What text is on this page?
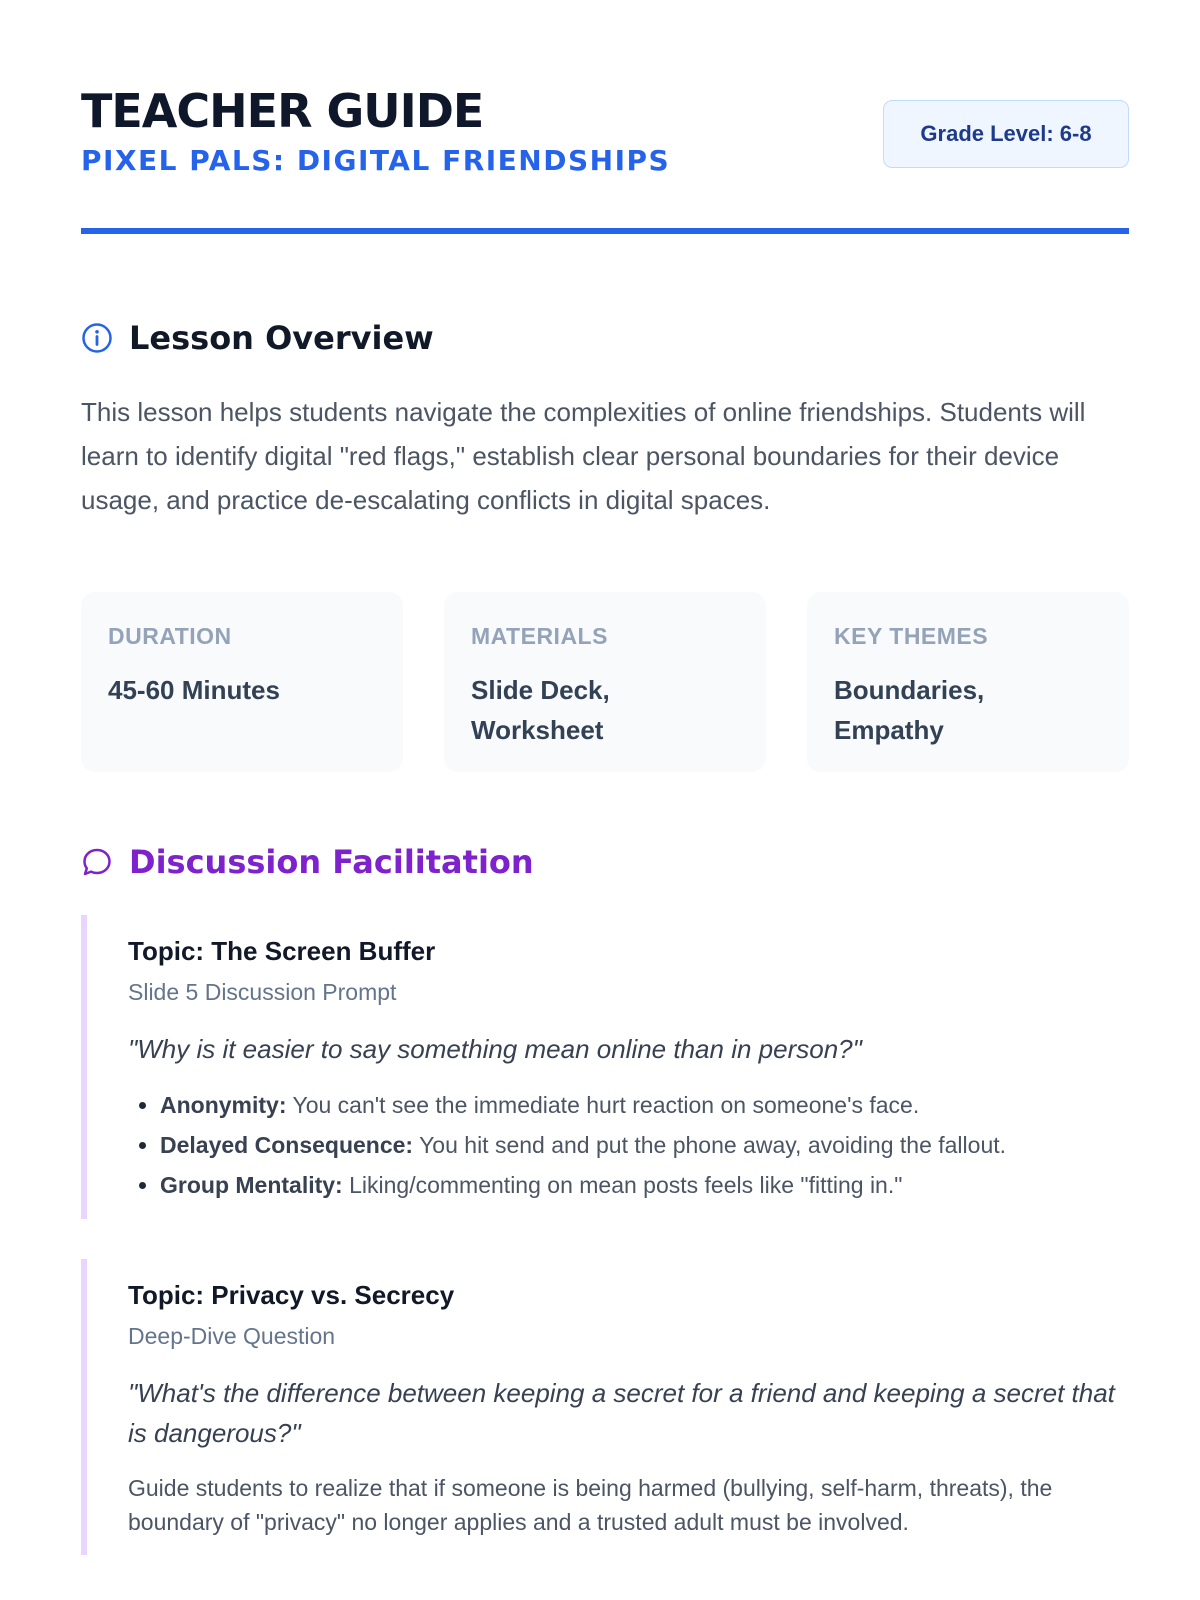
TEACHER GUIDE
PIXEL PALS: DIGITAL FRIENDSHIPS
Grade Level: 6-8
Lesson Overview

This lesson helps students navigate the complexities of online friendships. Students will learn to identify digital "red flags," establish clear personal boundaries for their device usage, and practice de-escalating conflicts in digital spaces.

DURATION
45-60 Minutes
MATERIALS
Slide Deck, Worksheet
KEY THEMES
Boundaries, Empathy
Discussion Facilitation
Topic: The Screen Buffer
Slide 5 Discussion Prompt
"Why is it easier to say something mean online than in person?"
• Anonymity: You can't see the immediate hurt reaction on someone's face.
• Delayed Consequence: You hit send and put the phone away, avoiding the fallout.
• Group Mentality: Liking/commenting on mean posts feels like "fitting in."
Topic: Privacy vs. Secrecy
Deep-Dive Question
"What's the difference between keeping a secret for a friend and keeping a secret that is dangerous?"
Guide students to realize that if someone is being harmed (bullying, self-harm, threats), the boundary of "privacy" no longer applies and a trusted adult must be involved.
